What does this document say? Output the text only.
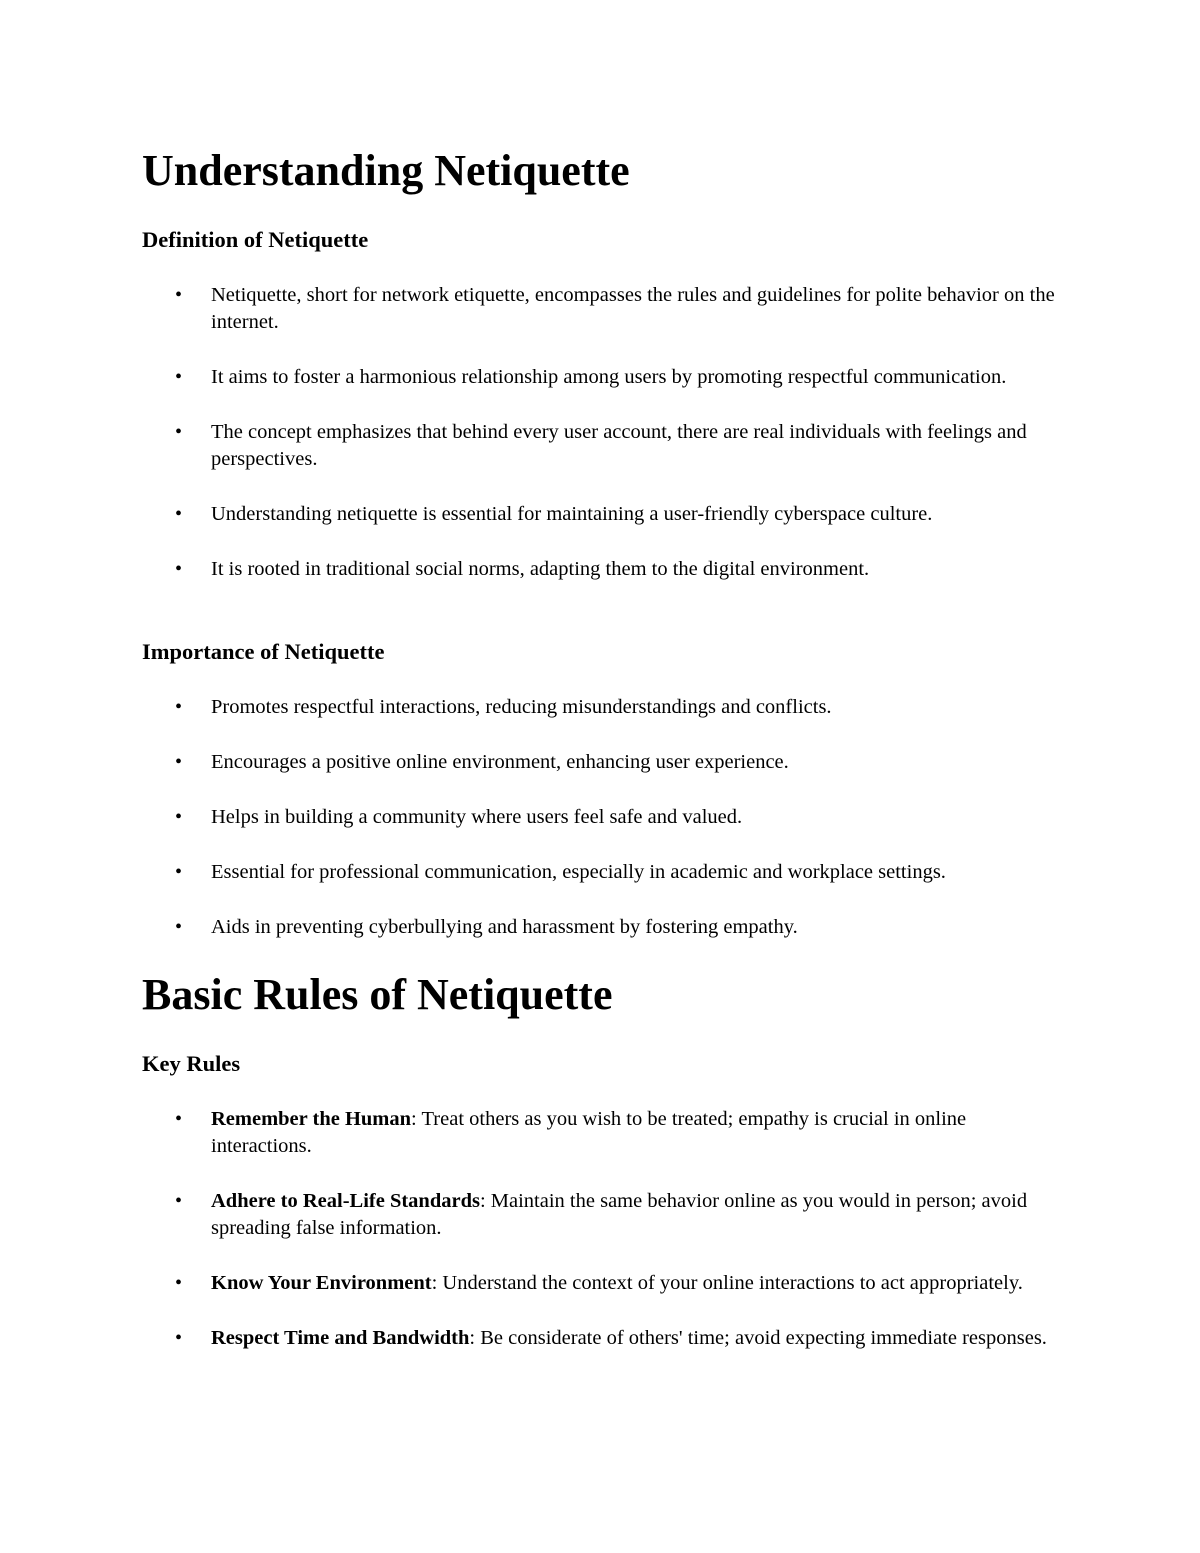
Understanding Netiquette
Definition of Netiquette
• Netiquette, short for network etiquette, encompasses the rules and guidelines for polite behavior on the internet.
• It aims to foster a harmonious relationship among users by promoting respectful communication.
• The concept emphasizes that behind every user account, there are real individuals with feelings and perspectives.
• Understanding netiquette is essential for maintaining a user-friendly cyberspace culture.
• It is rooted in traditional social norms, adapting them to the digital environment.
Importance of Netiquette
• Promotes respectful interactions, reducing misunderstandings and conflicts.
• Encourages a positive online environment, enhancing user experience.
• Helps in building a community where users feel safe and valued.
• Essential for professional communication, especially in academic and workplace settings.
• Aids in preventing cyberbullying and harassment by fostering empathy.
Basic Rules of Netiquette
Key Rules
• Remember the Human: Treat others as you wish to be treated; empathy is crucial in online interactions.
• Adhere to Real-Life Standards: Maintain the same behavior online as you would in person; avoid spreading false information.
• Know Your Environment: Understand the context of your online interactions to act appropriately.
• Respect Time and Bandwidth: Be considerate of others' time; avoid expecting immediate responses.
